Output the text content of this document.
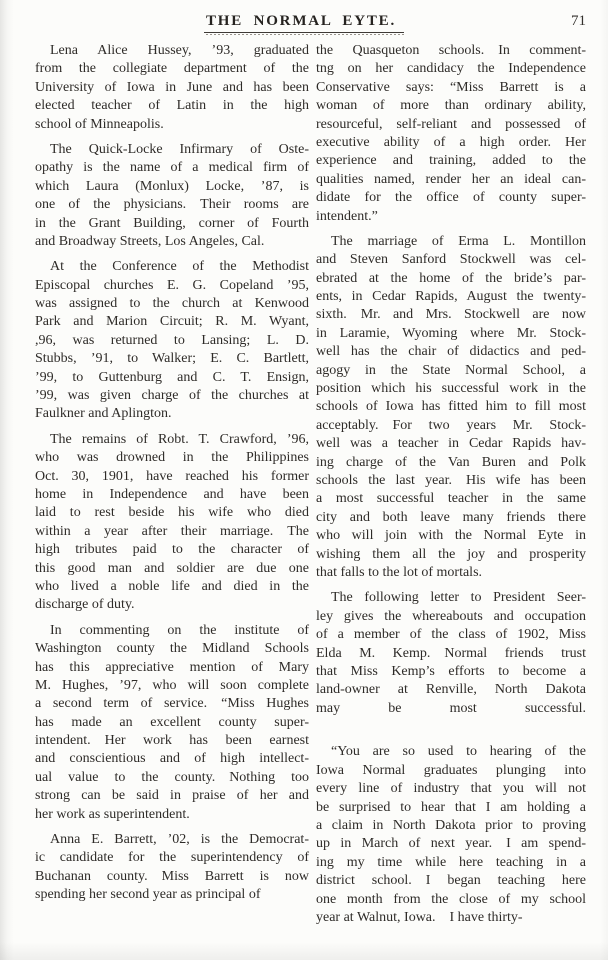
THE NORMAL EYTE.	71
Lena Alice Hussey, ’93, graduated
from the collegiate department of the
University of Iowa in June and has been
elected teacher of Latin in the high
school of Minneapolis.
The Quick-Locke Infirmary of Oste-
opathy is the name of a medical firm of
which Laura (Monlux) Locke, ’87, is
one of the physicians. Their rooms are
in the Grant Building, corner of Fourth
and Broadway Streets, Los Angeles, Cal.
At the Conference of the Methodist
Episcopal churches E. G. Copeland ’95,
was assigned to the church at Kenwood
Park and Marion Circuit; R. M. Wyant,
,96, was returned to Lansing; L. D.
Stubbs, ’91, to Walker; E. C. Bartlett,
’99, to Guttenburg and C. T. Ensign,
’99, was given charge of the churches at
Faulkner and Aplington.
The remains of Robt. T. Crawford, ’96,
who was drowned in the Philippines
Oct. 30, 1901, have reached his former
home in Independence and have been
laid to rest beside his wife who died
within a year after their marriage. The
high tributes paid to the character of
this good man and soldier are due one
who lived a noble life and died in the
discharge of duty.
In commenting on the institute of
Washington county the Midland Schools
has this appreciative mention of Mary
M. Hughes, ’97, who will soon complete
a second term of service. “Miss Hughes
has made an excellent county super-
intendent. Her work has been earnest
and conscientious and of high intellect-
ual value to the county. Nothing too
strong can be said in praise of her and
her work as superintendent.
Anna E. Barrett, ’02, is the Democrat-
ic candidate for the superintendency of
Buchanan county. Miss Barrett is now
spending her second year as principal of
the Quasqueton schools. In comment-
tng on her candidacy the Independence
Conservative says: “Miss Barrett is a
woman of more than ordinary ability,
resourceful, self-reliant and possessed of
executive ability of a high order. Her
experience and training, added to the
qualities named, render her an ideal can-
didate for the office of county super-
intendent.”
The marriage of Erma L. Montillon
and Steven Sanford Stockwell was cel-
ebrated at the home of the bride’s par-
ents, in Cedar Rapids, August the twenty-
sixth. Mr. and Mrs. Stockwell are now
in Laramie, Wyoming where Mr. Stock-
well has the chair of didactics and ped-
agogy in the State Normal School, a
position which his successful work in the
schools of Iowa has fitted him to fill most
acceptably. For two years Mr. Stock-
well was a teacher in Cedar Rapids hav-
ing charge of the Van Buren and Polk
schools the last year. His wife has been
a most successful teacher in the same
city and both leave many friends there
who will join with the Normal Eyte in
wishing them all the joy and prosperity
that falls to the lot of mortals.
The following letter to President Seer-
ley gives the whereabouts and occupation
of a member of the class of 1902, Miss
Elda M. Kemp. Normal friends trust
that Miss Kemp’s efforts to become a
land-owner at Renville, North Dakota
may be most successful.
“You are so used to hearing of the
Iowa Normal graduates plunging into
every line of industry that you will not
be surprised to hear that I am holding a
a claim in North Dakota prior to proving
up in March of next year. I am spend-
ing my time while here teaching in a
district school. I began teaching here
one month from the close of my school
year at Walnut, Iowa. I have thirty-
